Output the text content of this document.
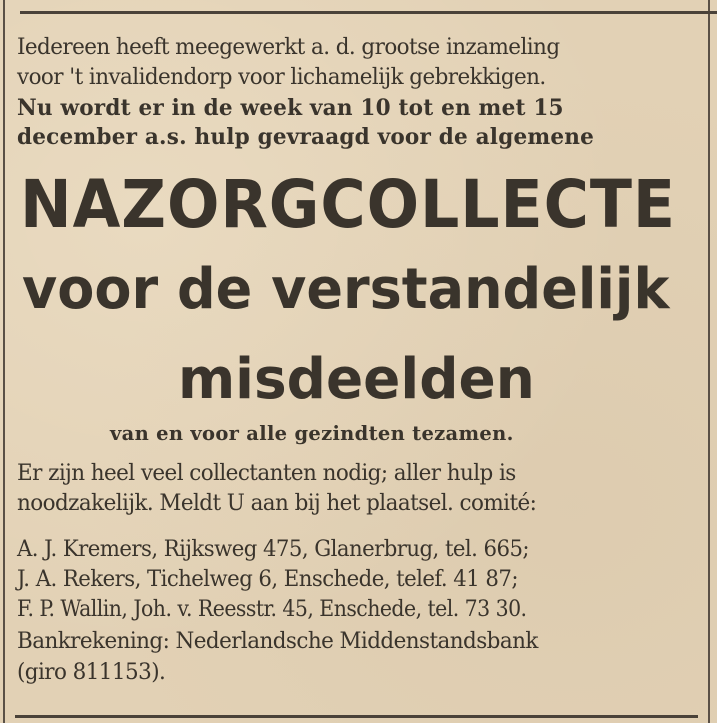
Iedereen heeft meegewerkt a. d. grootse inzameling
voor 't invalidendorp voor lichamelijk gebrekkigen.
Nu wordt er in de week van 10 tot en met 15
december a.s. hulp gevraagd voor de algemene
NAZORGCOLLECTE
voor de verstandelijk
misdeelden
van en voor alle gezindten tezamen.
Er zijn heel veel collectanten nodig; aller hulp is
noodzakelijk. Meldt U aan bij het plaatsel. comité:
A. J. Kremers, Rijksweg 475, Glanerbrug, tel. 665;
J. A. Rekers, Tichelweg 6, Enschede, telef. 41 87;
F. P. Wallin, Joh. v. Reesstr. 45, Enschede, tel. 73 30.
Bankrekening: Nederlandsche Middenstandsbank
(giro 811153).
